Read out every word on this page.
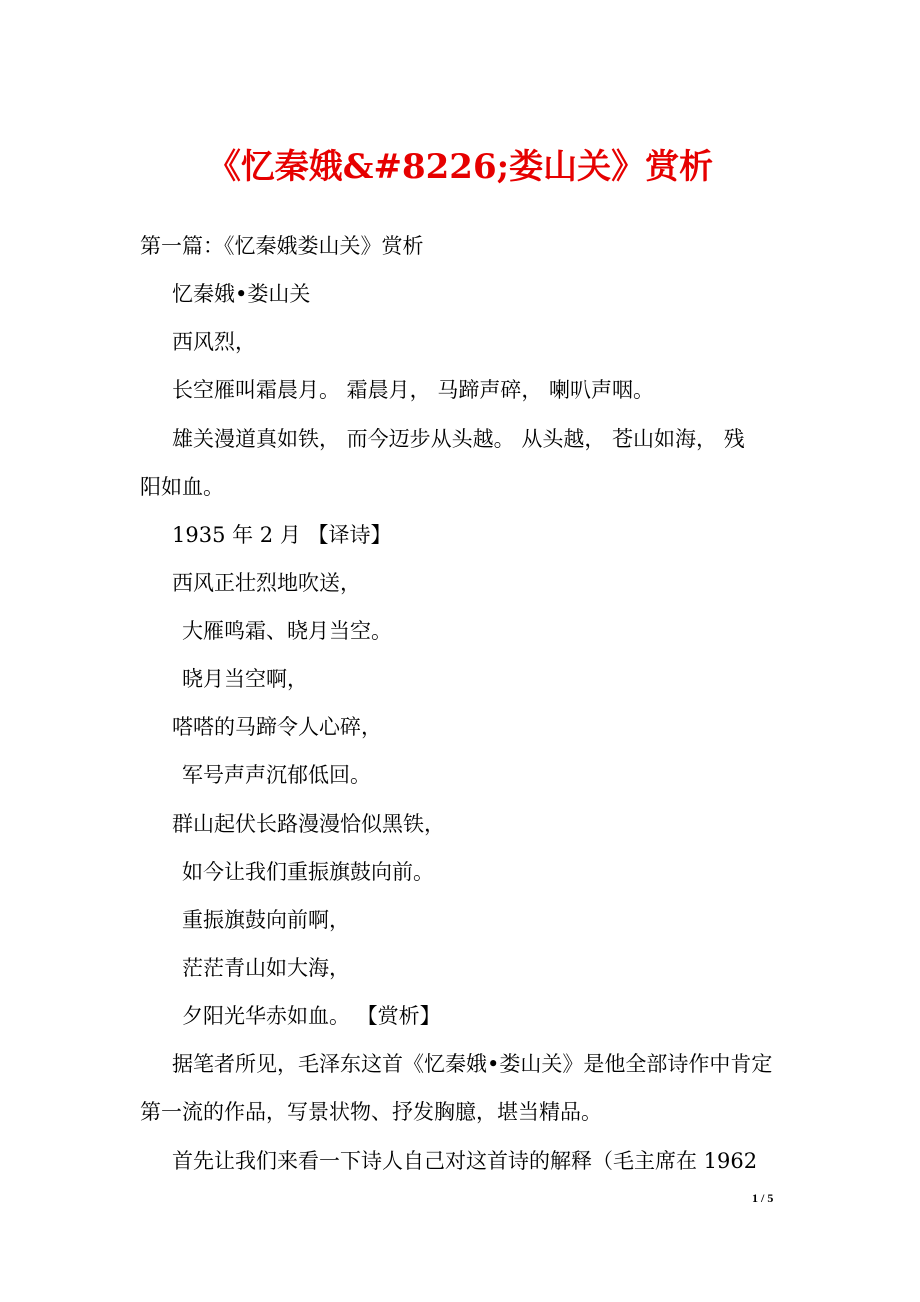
《忆秦娥&#8226;娄山关》赏析
第一篇：《忆秦娥娄山关》赏析
忆秦娥•娄山关
西风烈，
长空雁叫霜晨月。 霜晨月， 马蹄声碎， 喇叭声咽。
雄关漫道真如铁， 而今迈步从头越。 从头越， 苍山如海， 残
阳如血。
1935 年 2 月 【译诗】
西风正壮烈地吹送，
大雁鸣霜、晓月当空。
晓月当空啊，
嗒嗒的马蹄令人心碎，
军号声声沉郁低回。
群山起伏长路漫漫恰似黑铁，
如今让我们重振旗鼓向前。
重振旗鼓向前啊，
茫茫青山如大海，
夕阳光华赤如血。 【赏析】
据笔者所见，毛泽东这首《忆秦娥•娄山关》是他全部诗作中肯定
第一流的作品，写景状物、抒发胸臆，堪当精品。
首先让我们来看一下诗人自己对这首诗的解释（毛主席在 1962
1 / 5
